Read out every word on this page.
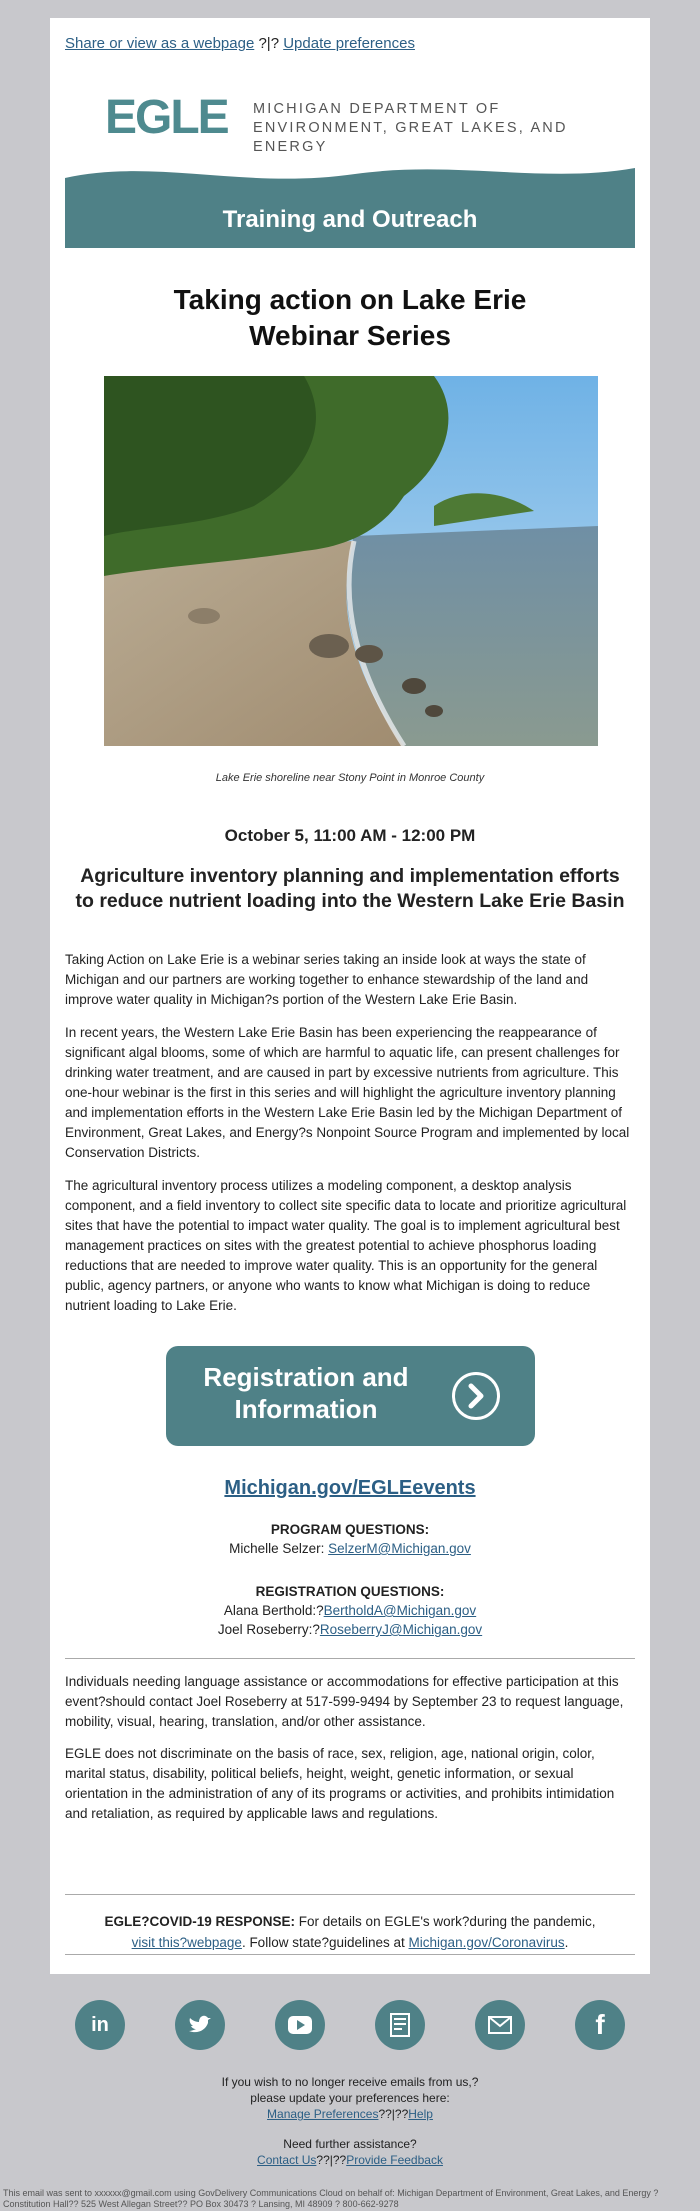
Share or view as a webpage ?|? Update preferences
EGLE MICHIGAN DEPARTMENT OF
ENVIRONMENT, GREAT LAKES, AND ENERGY
Training and Outreach
Taking action on Lake Erie
Webinar Series
Lake Erie shoreline near Stony Point in Monroe County
October 5, 11:00 AM - 12:00 PM
Agriculture inventory planning and implementation efforts
to reduce nutrient loading into the Western Lake Erie Basin

Taking Action on Lake Erie is a webinar series taking an inside look at ways the state of Michigan and our partners are working together to enhance stewardship of the land and improve water quality in Michigan?s portion of the Western Lake Erie Basin.

In recent years, the Western Lake Erie Basin has been experiencing the reappearance of significant algal blooms, some of which are harmful to aquatic life, can present challenges for drinking water treatment, and are caused in part by excessive nutrients from agriculture. This one-hour webinar is the first in this series and will highlight the agriculture inventory planning and implementation efforts in the Western Lake Erie Basin led by the Michigan Department of Environment, Great Lakes, and Energy?s Nonpoint Source Program and implemented by local Conservation Districts.

The agricultural inventory process utilizes a modeling component, a desktop analysis component, and a field inventory to collect site specific data to locate and prioritize agricultural sites that have the potential to impact water quality. The goal is to implement agricultural best management practices on sites with the greatest potential to achieve phosphorus loading reductions that are needed to improve water quality. This is an opportunity for the general public, agency partners, or anyone who wants to know what Michigan is doing to reduce nutrient loading to Lake Erie.

Registration and
Information
Michigan.gov/EGLEevents
PROGRAM QUESTIONS:
Michelle Selzer: SelzerM@Michigan.gov
REGISTRATION QUESTIONS:
Alana Berthold:?BertholdA@Michigan.gov
Joel Roseberry:?RoseberryJ@Michigan.gov

Individuals needing language assistance or accommodations for effective participation at this event?should contact Joel Roseberry at 517-599-9494 by September 23 to request language, mobility, visual, hearing, translation, and/or other assistance.

EGLE does not discriminate on the basis of race, sex, religion, age, national origin, color, marital status, disability, political beliefs, height, weight, genetic information, or sexual orientation in the administration of any of its programs or activities, and prohibits intimidation and retaliation, as required by applicable laws and regulations.

EGLE?COVID-19 RESPONSE: For details on EGLE's work?during the pandemic,
visit this?webpage. Follow state?guidelines at Michigan.gov/Coronavirus.
in	f
If you wish to no longer receive emails from us,?
please update your preferences here:
Manage Preferences??|??Help
Need further assistance?
Contact Us??|??Provide Feedback
This email was sent to xxxxxx@gmail.com using GovDelivery Communications Cloud on behalf of: Michigan Department of Environment, Great Lakes, and Energy ? Constitution Hall?? 525 West Allegan Street?? PO Box 30473 ? Lansing, MI 48909 ? 800-662-9278
